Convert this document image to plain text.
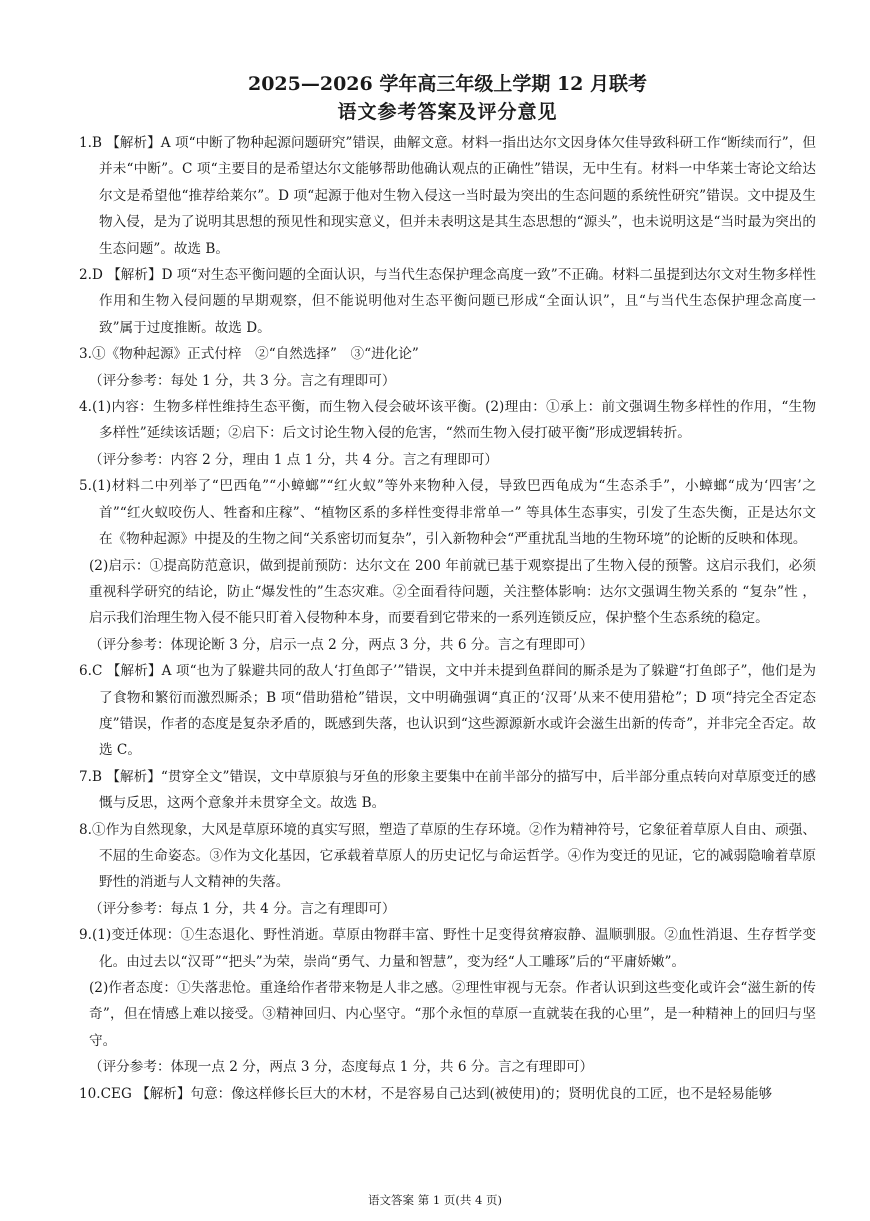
2025—2026 学年高三年级上学期 12 月联考
语文参考答案及评分意见

1.B 【解析】A 项“中断了物种起源问题研究”错误，曲解文意。材料一指出达尔文因身体欠佳导致科研工作“断续而行”，但并未“中断”。C 项“主要目的是希望达尔文能够帮助他确认观点的正确性”错误，无中生有。材料一中华莱士寄论文给达尔文是希望他“推荐给莱尔”。D 项“起源于他对生物入侵这一当时最为突出的生态问题的系统性研究”错误。文中提及生物入侵，是为了说明其思想的预见性和现实意义，但并未表明这是其生态思想的“源头”，也未说明这是“当时最为突出的生态问题”。故选 B。

2.D 【解析】D 项“对生态平衡问题的全面认识，与当代生态保护理念高度一致”不正确。材料二虽提到达尔文对生物多样性作用和生物入侵问题的早期观察，但不能说明他对生态平衡问题已形成“全面认识”，且“与当代生态保护理念高度一致”属于过度推断。故选 D。

3.①《物种起源》正式付梓　②“自然选择”　③“进化论”

（评分参考：每处 1 分，共 3 分。言之有理即可）

4.(1)内容：生物多样性维持生态平衡，而生物入侵会破坏该平衡。(2)理由：①承上：前文强调生物多样性的作用，“生物多样性”延续该话题；②启下：后文讨论生物入侵的危害，“然而生物入侵打破平衡”形成逻辑转折。

（评分参考：内容 2 分，理由 1 点 1 分，共 4 分。言之有理即可）

5.(1)材料二中列举了“巴西龟”“小蟑螂”“红火蚁”等外来物种入侵，导致巴西龟成为“生态杀手”，小蟑螂“成为‘四害’之首”“红火蚁咬伤人、牲畜和庄稼”、“植物区系的多样性变得非常单一” 等具体生态事实，引发了生态失衡，正是达尔文在《物种起源》中提及的生物之间“关系密切而复杂”，引入新物种会“严重扰乱当地的生物环境”的论断的反映和体现。

(2)启示：①提高防范意识，做到提前预防：达尔文在 200 年前就已基于观察提出了生物入侵的预警。这启示我们，必须重视科学研究的结论，防止“爆发性的”生态灾难。②全面看待问题，关注整体影响：达尔文强调生物关系的 “复杂”性 ，启示我们治理生物入侵不能只盯着入侵物种本身，而要看到它带来的一系列连锁反应，保护整个生态系统的稳定。

（评分参考：体现论断 3 分，启示一点 2 分，两点 3 分，共 6 分。言之有理即可）

6.C 【解析】A 项“也为了躲避共同的敌人‘打鱼郎子’”错误，文中并未提到鱼群间的厮杀是为了躲避“打鱼郎子”，他们是为了食物和繁衍而激烈厮杀；B 项“借助猎枪”错误，文中明确强调“真正的‘汉哥’从来不使用猎枪”；D 项“持完全否定态度”错误，作者的态度是复杂矛盾的，既感到失落，也认识到“这些源源新水或许会滋生出新的传奇”，并非完全否定。故选 C。

7.B 【解析】“贯穿全文”错误，文中草原狼与牙鱼的形象主要集中在前半部分的描写中，后半部分重点转向对草原变迁的感慨与反思，这两个意象并未贯穿全文。故选 B。

8.①作为自然现象，大风是草原环境的真实写照，塑造了草原的生存环境。②作为精神符号，它象征着草原人自由、顽强、不屈的生命姿态。③作为文化基因，它承载着草原人的历史记忆与命运哲学。④作为变迁的见证，它的减弱隐喻着草原野性的消逝与人文精神的失落。

（评分参考：每点 1 分，共 4 分。言之有理即可）

9.(1)变迁体现：①生态退化、野性消逝。草原由物群丰富、野性十足变得贫瘠寂静、温顺驯服。②血性消退、生存哲学变化。由过去以“汉哥”“把头”为荣，崇尚“勇气、力量和智慧”，变为经“人工雕琢”后的“平庸娇嫩”。

(2)作者态度：①失落悲怆。重逢给作者带来物是人非之感。②理性审视与无奈。作者认识到这些变化或许会“滋生新的传奇”，但在情感上难以接受。③精神回归、内心坚守。“那个永恒的草原一直就装在我的心里”，是一种精神上的回归与坚守。

（评分参考：体现一点 2 分，两点 3 分，态度每点 1 分，共 6 分。言之有理即可）

10.CEG 【解析】句意：像这样修长巨大的木材，不是容易自己达到(被使用)的；贤明优良的工匠，也不是轻易能够

语文答案 第 1 页(共 4 页)
